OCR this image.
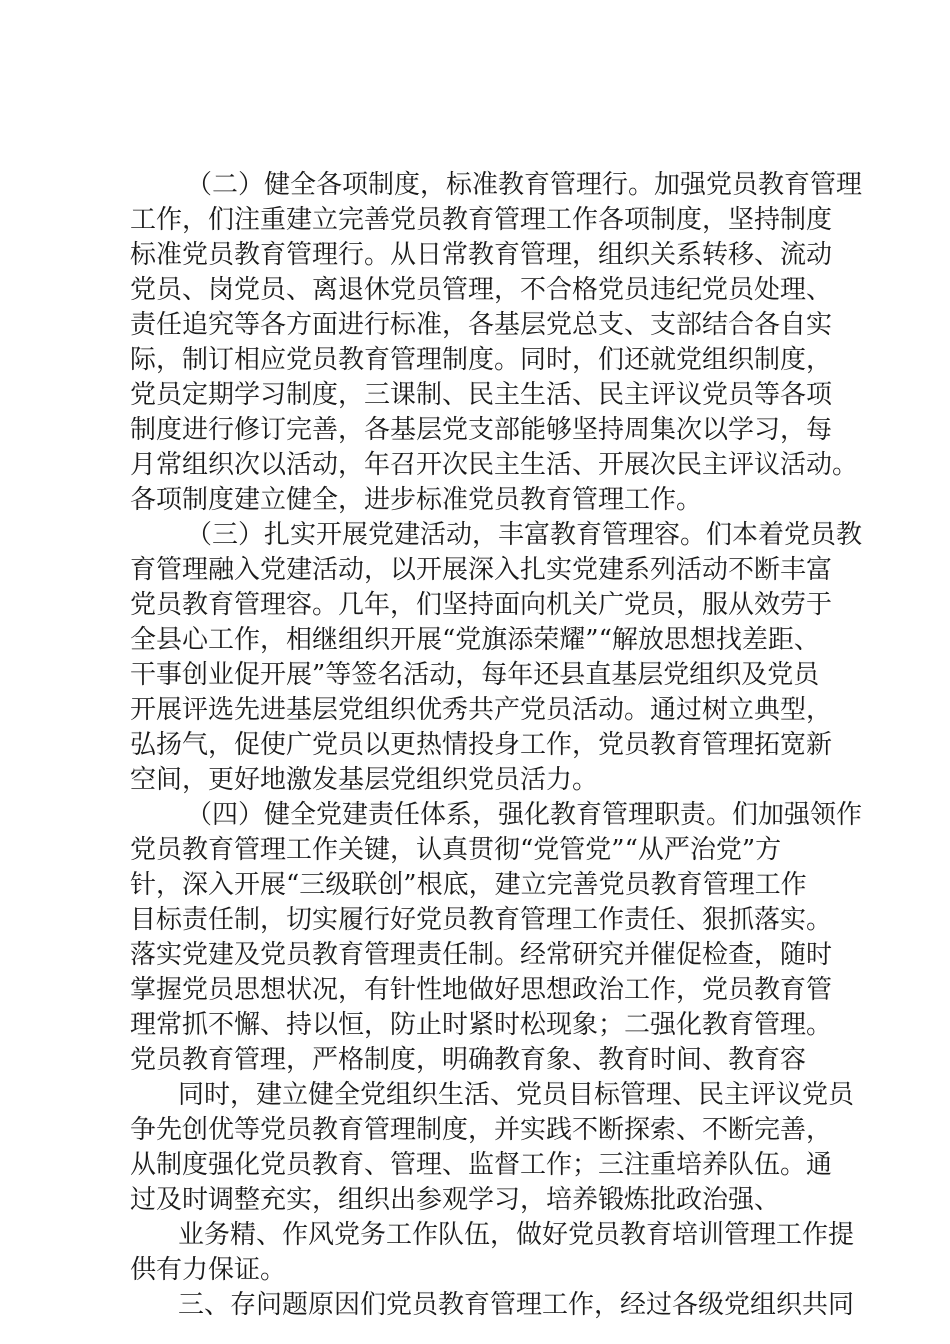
（二）健全各项制度，标准教育管理行。加强党员教育管理
工作，们注重建立完善党员教育管理工作各项制度，坚持制度
标准党员教育管理行。从日常教育管理，组织关系转移、流动
党员、岗党员、离退休党员管理，不合格党员违纪党员处理、
责任追究等各方面进行标准，各基层党总支、支部结合各自实
际，制订相应党员教育管理制度。同时，们还就党组织制度，
党员定期学习制度，三课制、民主生活、民主评议党员等各项
制度进行修订完善，各基层党支部能够坚持周集次以学习，每
月常组织次以活动，年召开次民主生活、开展次民主评议活动。
各项制度建立健全，进步标准党员教育管理工作。
（三）扎实开展党建活动，丰富教育管理容。们本着党员教
育管理融入党建活动，以开展深入扎实党建系列活动不断丰富
党员教育管理容。几年，们坚持面向机关广党员，服从效劳于
全县心工作，相继组织开展“党旗添荣耀”“解放思想找差距、
干事创业促开展”等签名活动，每年还县直基层党组织及党员
开展评选先进基层党组织优秀共产党员活动。通过树立典型，
弘扬气，促使广党员以更热情投身工作，党员教育管理拓宽新
空间，更好地激发基层党组织党员活力。
（四）健全党建责任体系，强化教育管理职责。们加强领作
党员教育管理工作关键，认真贯彻“党管党”“从严治党”方
针，深入开展“三级联创”根底，建立完善党员教育管理工作
目标责任制，切实履行好党员教育管理工作责任、狠抓落实。
落实党建及党员教育管理责任制。经常研究并催促检查，随时
掌握党员思想状况，有针性地做好思想政治工作，党员教育管
理常抓不懈、持以恒，防止时紧时松现象；二强化教育管理。
党员教育管理，严格制度，明确教育象、教育时间、教育容
同时，建立健全党组织生活、党员目标管理、民主评议党员
争先创优等党员教育管理制度，并实践不断探索、不断完善，
从制度强化党员教育、管理、监督工作；三注重培养队伍。通
过及时调整充实，组织出参观学习，培养锻炼批政治强、
业务精、作风党务工作队伍，做好党员教育培训管理工作提
供有力保证。
三、存问题原因们党员教育管理工作，经过各级党组织共同
